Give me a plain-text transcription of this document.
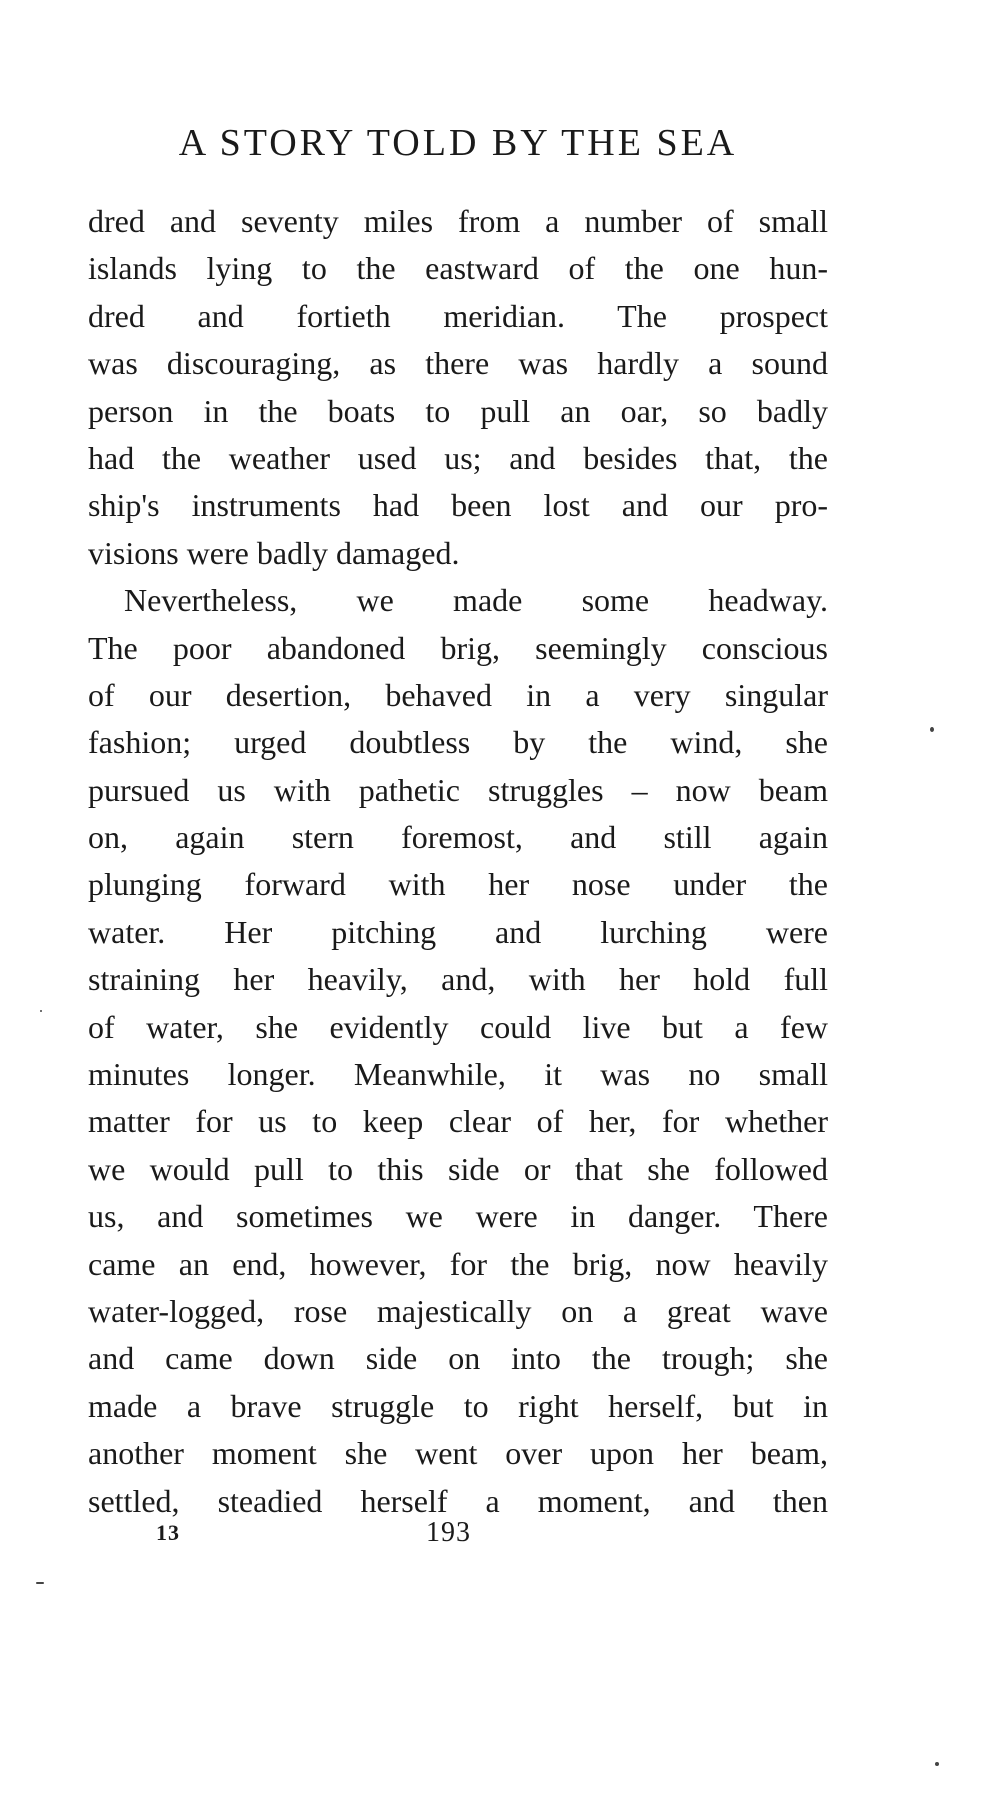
A STORY TOLD BY THE SEA
dred and seventy miles from a number of small
islands lying to the eastward of the one hun-
dred and fortieth meridian. The prospect
was discouraging, as there was hardly a sound
person in the boats to pull an oar, so badly
had the weather used us; and besides that, the
ship's instruments had been lost and our pro-
visions were badly damaged.
Nevertheless, we made some headway.
The poor abandoned brig, seemingly conscious
of our desertion, behaved in a very singular
fashion; urged doubtless by the wind, she
pursued us with pathetic struggles – now beam
on, again stern foremost, and still again
plunging forward with her nose under the
water. Her pitching and lurching were
straining her heavily, and, with her hold full
of water, she evidently could live but a few
minutes longer. Meanwhile, it was no small
matter for us to keep clear of her, for whether
we would pull to this side or that she followed
us, and sometimes we were in danger. There
came an end, however, for the brig, now heavily
water-logged, rose majestically on a great wave
and came down side on into the trough; she
made a brave struggle to right herself, but in
another moment she went over upon her beam,
settled, steadied herself a moment, and then
13	193
